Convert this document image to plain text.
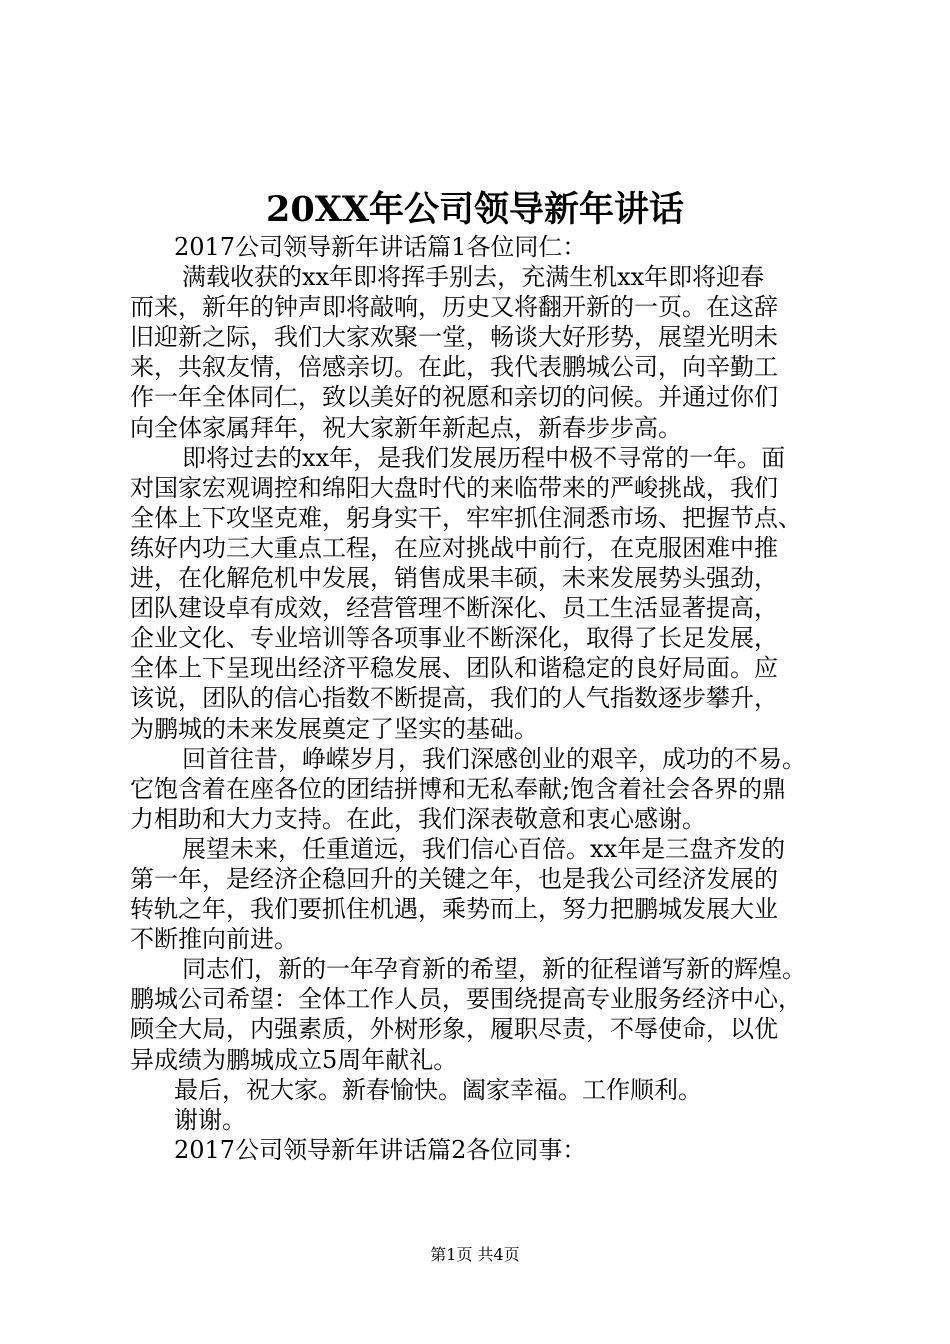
20XX年公司领导新年讲话
2017公司领导新年讲话篇1各位同仁：
满载收获的xx年即将挥手别去，充满生机xx年即将迎春
而来，新年的钟声即将敲响，历史又将翻开新的一页。在这辞
旧迎新之际，我们大家欢聚一堂，畅谈大好形势，展望光明未
来，共叙友情，倍感亲切。在此，我代表鹏城公司，向辛勤工
作一年全体同仁，致以美好的祝愿和亲切的问候。并通过你们
向全体家属拜年，祝大家新年新起点，新春步步高。
即将过去的xx年，是我们发展历程中极不寻常的一年。面
对国家宏观调控和绵阳大盘时代的来临带来的严峻挑战，我们
全体上下攻坚克难，躬身实干，牢牢抓住洞悉市场、把握节点、
练好内功三大重点工程，在应对挑战中前行，在克服困难中推
进，在化解危机中发展，销售成果丰硕，未来发展势头强劲，
团队建设卓有成效，经营管理不断深化、员工生活显著提高，
企业文化、专业培训等各项事业不断深化，取得了长足发展，
全体上下呈现出经济平稳发展、团队和谐稳定的良好局面。应
该说，团队的信心指数不断提高，我们的人气指数逐步攀升，
为鹏城的未来发展奠定了坚实的基础。
回首往昔，峥嵘岁月，我们深感创业的艰辛，成功的不易。
它饱含着在座各位的团结拼博和无私奉献;饱含着社会各界的鼎
力相助和大力支持。在此，我们深表敬意和衷心感谢。
展望未来，任重道远，我们信心百倍。xx年是三盘齐发的
第一年，是经济企稳回升的关键之年，也是我公司经济发展的
转轨之年，我们要抓住机遇，乘势而上，努力把鹏城发展大业
不断推向前进。
同志们，新的一年孕育新的希望，新的征程谱写新的辉煌。
鹏城公司希望：全体工作人员，要围绕提高专业服务经济中心，
顾全大局，内强素质，外树形象，履职尽责，不辱使命，以优
异成绩为鹏城成立5周年献礼。
最后，祝大家。新春愉快。阖家幸福。工作顺利。
谢谢。
2017公司领导新年讲话篇2各位同事：
第1页 共4页
